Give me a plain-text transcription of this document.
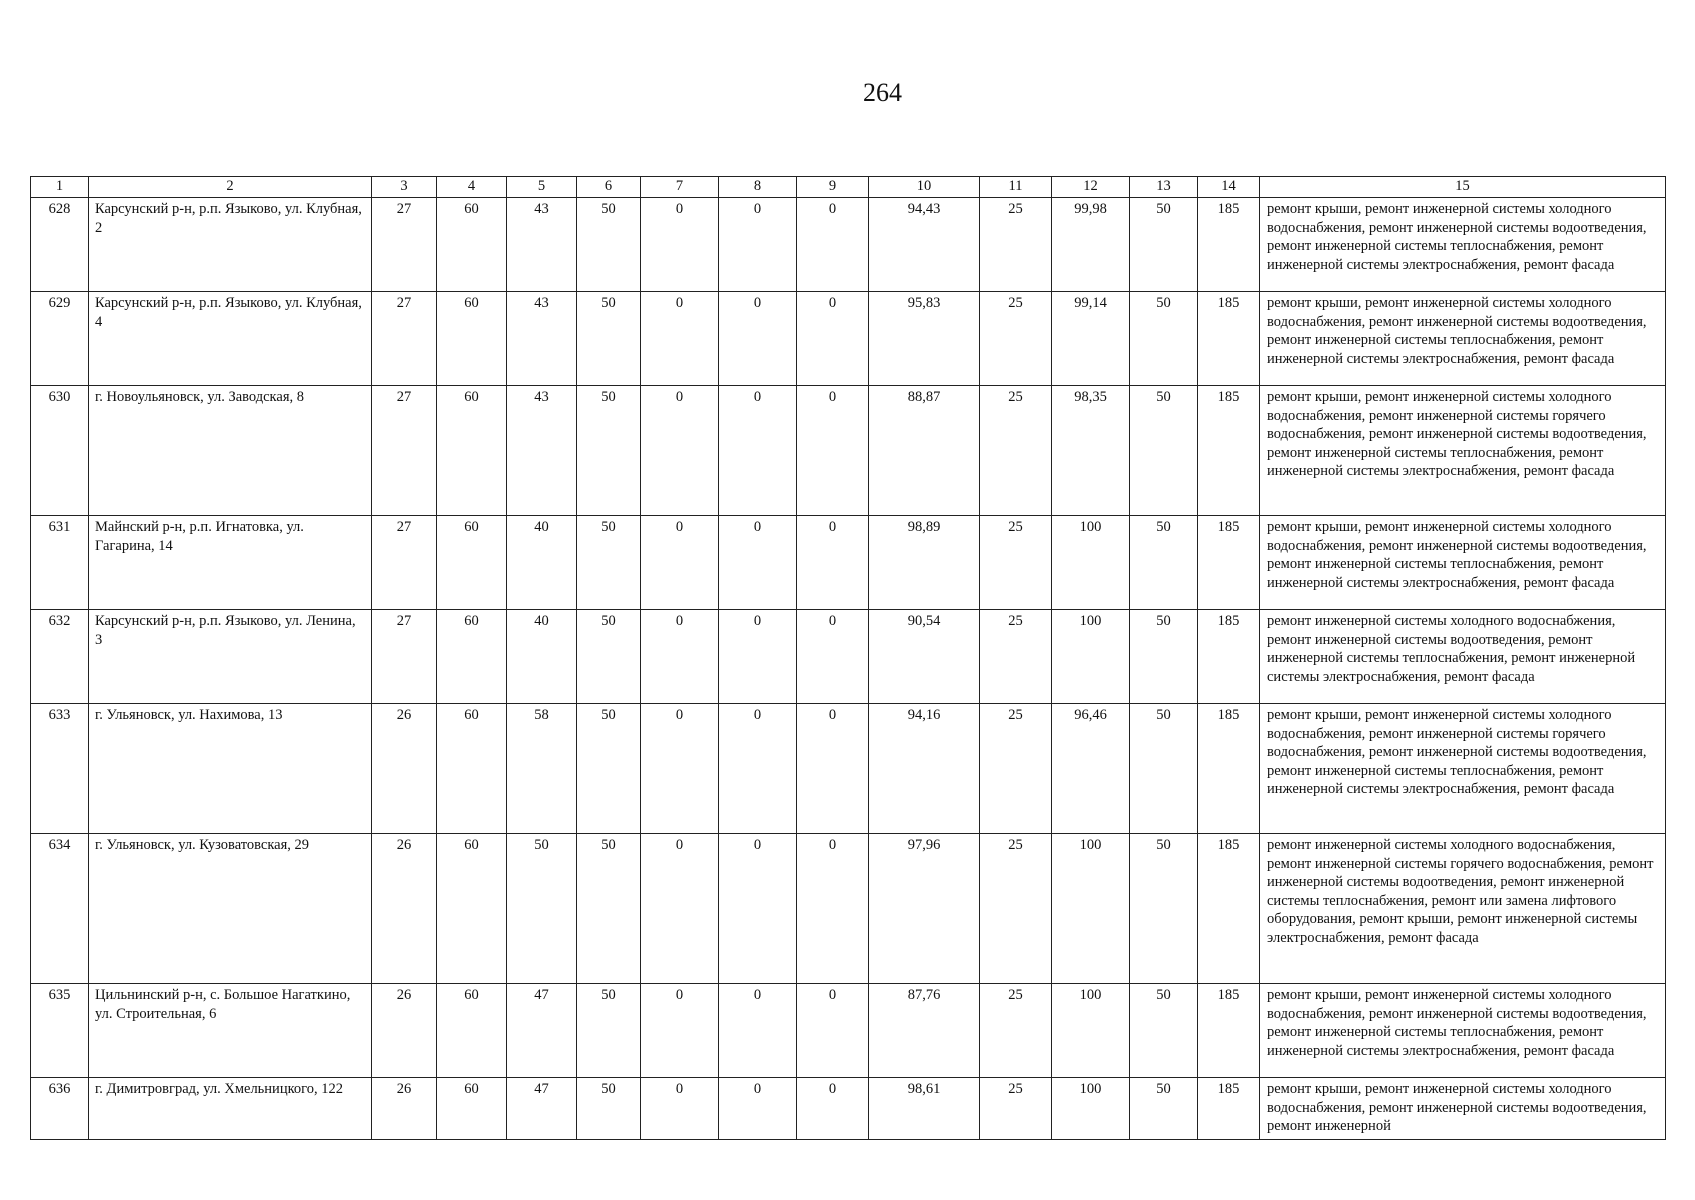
264
1	2	3	4	5	6	7	8	9	10	11	12	13	14	15
628	Карсунский р-н, р.п. Языково, ул. Клубная, 2	27	60	43	50	0	0	0	94,43	25	99,98	50	185	ремонт крыши, ремонт инженерной системы холодного водоснабжения, ремонт инженерной системы водоотведения, ремонт инженерной системы теплоснабжения, ремонт инженерной системы электроснабжения, ремонт фасада
629	Карсунский р-н, р.п. Языково, ул. Клубная, 4	27	60	43	50	0	0	0	95,83	25	99,14	50	185	ремонт крыши, ремонт инженерной системы холодного водоснабжения, ремонт инженерной системы водоотведения, ремонт инженерной системы теплоснабжения, ремонт инженерной системы электроснабжения, ремонт фасада
630	г. Новоульяновск, ул. Заводская, 8	27	60	43	50	0	0	0	88,87	25	98,35	50	185	ремонт крыши, ремонт инженерной системы холодного водоснабжения, ремонт инженерной системы горячего водоснабжения, ремонт инженерной системы водоотведения, ремонт инженерной системы теплоснабжения, ремонт инженерной системы электроснабжения, ремонт фасада
631	Майнский р-н, р.п. Игнатовка, ул. Гагарина, 14	27	60	40	50	0	0	0	98,89	25	100	50	185	ремонт крыши, ремонт инженерной системы холодного водоснабжения, ремонт инженерной системы водоотведения, ремонт инженерной системы теплоснабжения, ремонт инженерной системы электроснабжения, ремонт фасада
632	Карсунский р-н, р.п. Языково, ул. Ленина, 3	27	60	40	50	0	0	0	90,54	25	100	50	185	ремонт инженерной системы холодного водоснабжения, ремонт инженерной системы водоотведения, ремонт инженерной системы теплоснабжения, ремонт инженерной системы электроснабжения, ремонт фасада
633	г. Ульяновск, ул. Нахимова, 13	26	60	58	50	0	0	0	94,16	25	96,46	50	185	ремонт крыши, ремонт инженерной системы холодного водоснабжения, ремонт инженерной системы горячего водоснабжения, ремонт инженерной системы водоотведения, ремонт инженерной системы теплоснабжения, ремонт инженерной системы электроснабжения, ремонт фасада
634	г. Ульяновск, ул. Кузоватовская, 29	26	60	50	50	0	0	0	97,96	25	100	50	185	ремонт инженерной системы холодного водоснабжения, ремонт инженерной системы горячего водоснабжения, ремонт инженерной системы водоотведения, ремонт инженерной системы теплоснабжения, ремонт или замена лифтового оборудования, ремонт крыши, ремонт инженерной системы электроснабжения, ремонт фасада
635	Цильнинский р-н, с. Большое Нагаткино, ул. Строительная, 6	26	60	47	50	0	0	0	87,76	25	100	50	185	ремонт крыши, ремонт инженерной системы холодного водоснабжения, ремонт инженерной системы водоотведения, ремонт инженерной системы теплоснабжения, ремонт инженерной системы электроснабжения, ремонт фасада
636	г. Димитровград, ул. Хмельницкого, 122	26	60	47	50	0	0	0	98,61	25	100	50	185	ремонт крыши, ремонт инженерной системы холодного водоснабжения, ремонт инженерной системы водоотведения, ремонт инженерной
